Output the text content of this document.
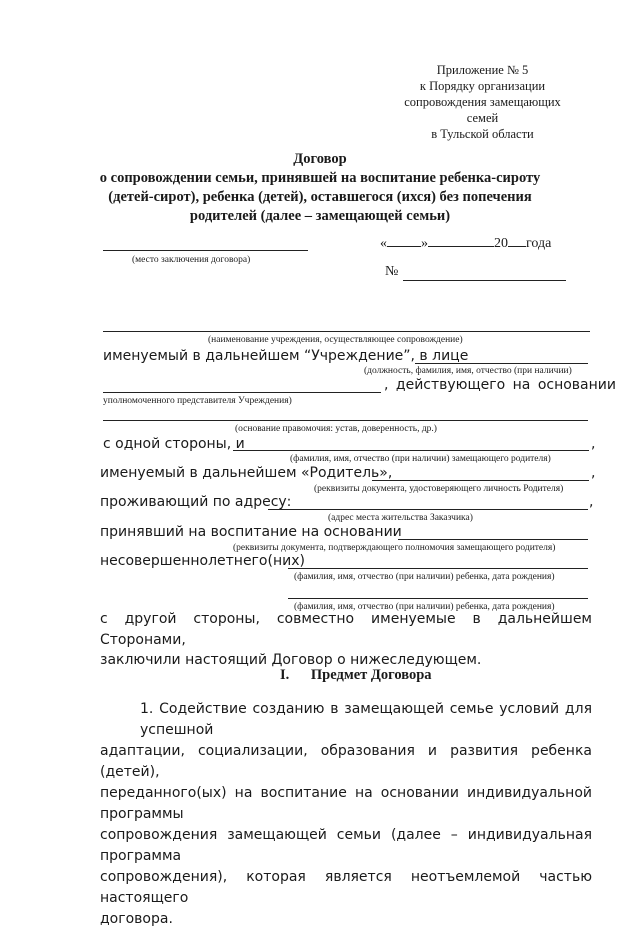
Приложение № 5
к Порядку организации
сопровождения замещающих семей
в Тульской области
Договор
о сопровождении семьи, принявшей на воспитание ребенка-сироту
(детей-сирот), ребенка (детей), оставшегося (ихся) без попечения
родителей (далее – замещающей семьи)
(место заключения договора)
« »	20 года
№
(наименование учреждения, осуществляющее сопровождение)
именуемый в дальнейшем “Учреждение”, в лице
(должность, фамилия, имя, отчество (при наличии)
, действующего на основании
уполномоченного представителя Учреждения)
(основание правомочия: устав, доверенность, др.)
с одной стороны, и	,
(фамилия, имя, отчество (при наличии) замещающего родителя)
именуемый в дальнейшем «Родитель»,	,
(реквизиты документа, удостоверяющего личность Родителя)
проживающий по адресу:	,
(адрес места жительства Заказчика)
принявший на воспитание на основании
(реквизиты документа, подтверждающего полномочия замещающего родителя)
несовершеннолетнего(них)
(фамилия, имя, отчество (при наличии) ребенка, дата рождения)
(фамилия, имя, отчество (при наличии) ребенка, дата рождения)
с другой стороны, совместно именуемые в дальнейшем Сторонами,
заключили настоящий Договор о нижеследующем.
I. Предмет Договора
1. Содействие созданию в замещающей семье условий для успешной
адаптации, социализации, образования и развития ребенка (детей),
переданного(ых) на воспитание на основании индивидуальной программы
сопровождения замещающей семьи (далее – индивидуальная программа
сопровождения), которая является неотъемлемой частью настоящего
договора.
